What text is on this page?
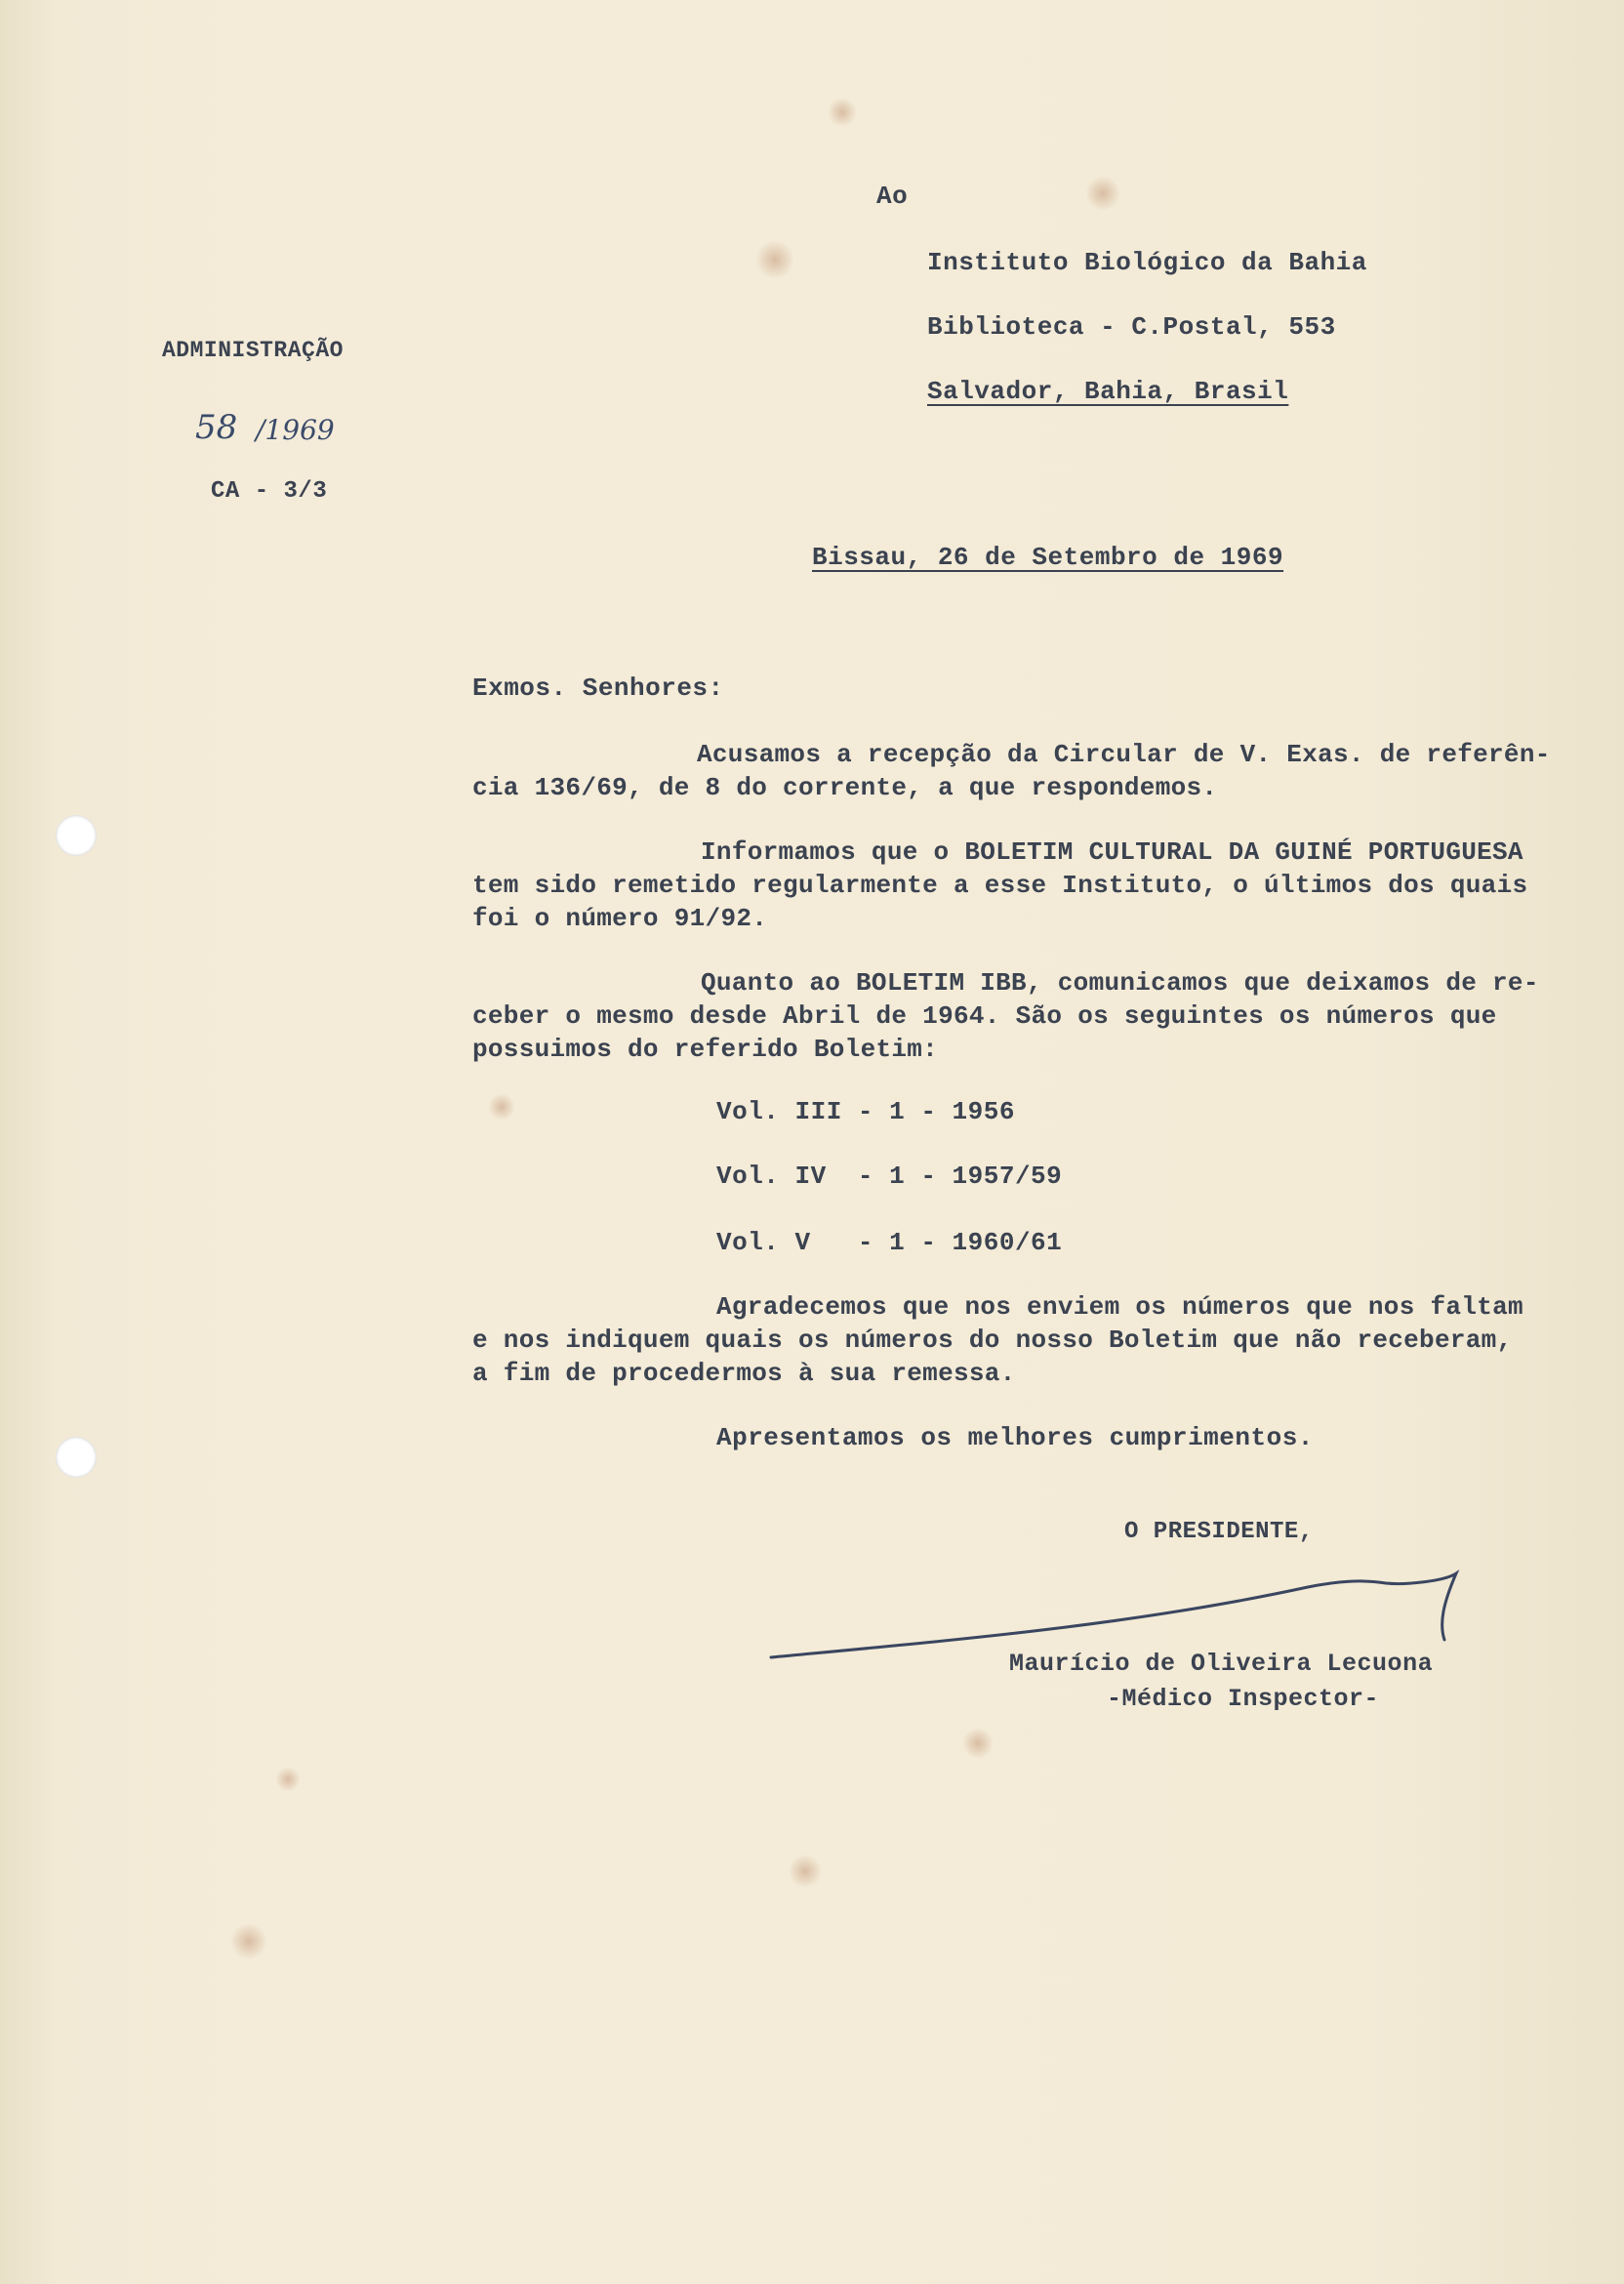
Ao
Instituto Biológico da Bahia
Biblioteca - C.Postal, 553
Salvador, Bahia, Brasil
ADMINISTRAÇÃO
58 /1969
CA - 3/3
Bissau, 26 de Setembro de 1969
Exmos. Senhores:
Acusamos a recepção da Circular de V. Exas. de referên-
cia 136/69, de 8 do corrente, a que respondemos.
Informamos que o BOLETIM CULTURAL DA GUINÉ PORTUGUESA
tem sido remetido regularmente a esse Instituto, o últimos dos quais
foi o número 91/92.
Quanto ao BOLETIM IBB, comunicamos que deixamos de re-
ceber o mesmo desde Abril de 1964. São os seguintes os números que
possuimos do referido Boletim:
Vol. III - 1 - 1956
Vol. IV  - 1 - 1957/59
Vol. V   - 1 - 1960/61
Agradecemos que nos enviem os números que nos faltam
e nos indiquem quais os números do nosso Boletim que não receberam,
a fim de procedermos à sua remessa.
Apresentamos os melhores cumprimentos.
O PRESIDENTE,
Maurício de Oliveira Lecuona
-Médico Inspector-
